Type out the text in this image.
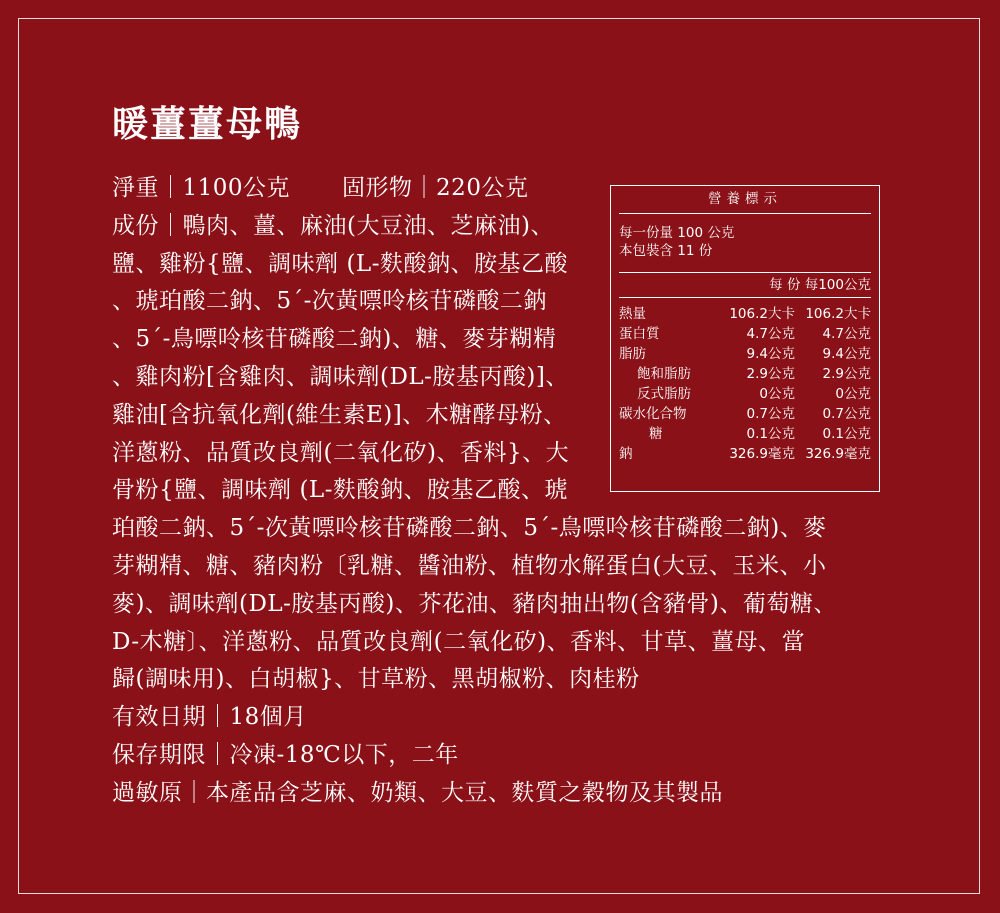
暖薑薑母鴨
淨重｜1100公克 固形物｜220公克
成份｜鴨肉、薑、麻油(大豆油、芝麻油)、
鹽、雞粉{鹽、調味劑 (L-麩酸鈉、胺基乙酸
、琥珀酸二鈉、5´-次黃嘌呤核苷磷酸二鈉
、5´-鳥嘌呤核苷磷酸二鈉)、糖、麥芽糊精
、雞肉粉[含雞肉、調味劑(DL-胺基丙酸)]、
雞油[含抗氧化劑(維生素E)]、木糖酵母粉、
洋蔥粉、品質改良劑(二氧化矽)、香料}、大
骨粉{鹽、調味劑 (L-麩酸鈉、胺基乙酸、琥
珀酸二鈉、5´-次黃嘌呤核苷磷酸二鈉、5´-鳥嘌呤核苷磷酸二鈉)、麥
芽糊精、糖、豬肉粉〔乳糖、醬油粉、植物水解蛋白(大豆、玉米、小
麥)、調味劑(DL-胺基丙酸)、芥花油、豬肉抽出物(含豬骨)、葡萄糖、
D-木糖〕、洋蔥粉、品質改良劑(二氧化矽)、香料、甘草、薑母、當
歸(調味用)、白胡椒}、甘草粉、黑胡椒粉、肉桂粉
有效日期｜18個月
保存期限｜冷凍-18℃以下，二年
過敏原｜本產品含芝麻、奶類、大豆、麩質之穀物及其製品
營養標示
每一份量 100 公克
本包裝含 11 份
每 份 每100公克
熱量	106.2大卡 106.2大卡
蛋白質	4.7公克	4.7公克
脂肪	9.4公克	9.4公克
飽和脂肪	2.9公克	2.9公克
反式脂肪	0公克	0公克
碳水化合物	0.7公克	0.7公克
糖	0.1公克	0.1公克
鈉	326.9毫克 326.9毫克
